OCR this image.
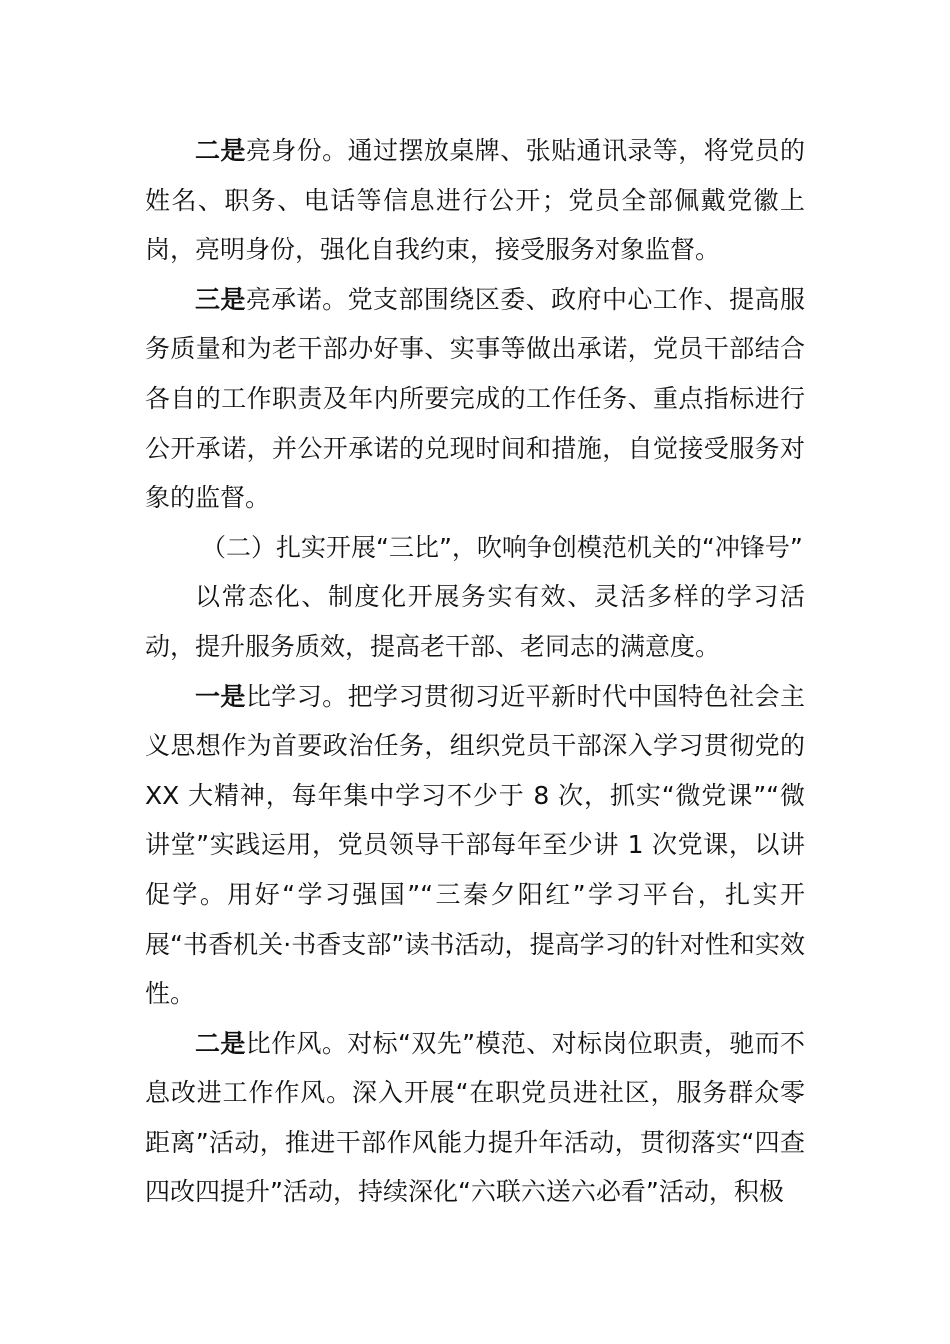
二是亮身份。通过摆放桌牌、张贴通讯录等，将党员的姓名、职务、电话等信息进行公开；党员全部佩戴党徽上岗，亮明身份，强化自我约束，接受服务对象监督。

三是亮承诺。党支部围绕区委、政府中心工作、提高服务质量和为老干部办好事、实事等做出承诺，党员干部结合各自的工作职责及年内所要完成的工作任务、重点指标进行公开承诺，并公开承诺的兑现时间和措施，自觉接受服务对象的监督。

（二）扎实开展“三比”，吹响争创模范机关的“冲锋号”

以常态化、制度化开展务实有效、灵活多样的学习活动，提升服务质效，提高老干部、老同志的满意度。

一是比学习。把学习贯彻习近平新时代中国特色社会主义思想作为首要政治任务，组织党员干部深入学习贯彻党的 XX 大精神，每年集中学习不少于 8 次，抓实“微党课”“微讲堂”实践运用，党员领导干部每年至少讲 1 次党课，以讲促学。用好“学习强国”“三秦夕阳红”学习平台，扎实开展“书香机关·书香支部”读书活动，提高学习的针对性和实效性。

二是比作风。对标“双先”模范、对标岗位职责，驰而不息改进工作作风。深入开展“在职党员进社区，服务群众零距离”活动，推进干部作风能力提升年活动，贯彻落实“四查四改四提升”活动，持续深化“六联六送六必看”活动，积极
